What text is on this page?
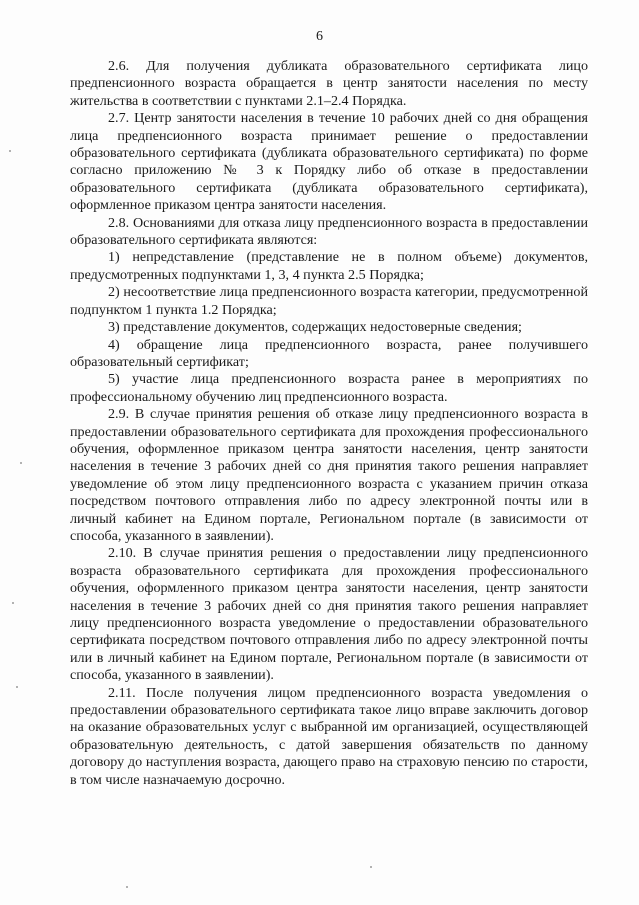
6

2.6. Для получения дубликата образовательного сертификата лицо предпенсионного возраста обращается в центр занятости населения по месту жительства в соответствии с пунктами 2.1–2.4 Порядка.

2.7. Центр занятости населения в течение 10 рабочих дней со дня обращения лица предпенсионного возраста принимает решение о предоставлении образовательного сертификата (дубликата образовательного сертификата) по форме согласно приложению № 3 к Порядку либо об отказе в предоставлении образовательного сертификата (дубликата образовательного сертификата), оформленное приказом центра занятости населения.

2.8. Основаниями для отказа лицу предпенсионного возраста в предоставлении образовательного сертификата являются:

1) непредставление (представление не в полном объеме) документов, предусмотренных подпунктами 1, 3, 4 пункта 2.5 Порядка;

2) несоответствие лица предпенсионного возраста категории, предусмотренной подпунктом 1 пункта 1.2 Порядка;

3) представление документов, содержащих недостоверные сведения;

4) обращение лица предпенсионного возраста, ранее получившего образовательный сертификат;

5) участие лица предпенсионного возраста ранее в мероприятиях по профессиональному обучению лиц предпенсионного возраста.

2.9. В случае принятия решения об отказе лицу предпенсионного возраста в предоставлении образовательного сертификата для прохождения профессионального обучения, оформленное приказом центра занятости населения, центр занятости населения в течение 3 рабочих дней со дня принятия такого решения направляет уведомление об этом лицу предпенсионного возраста с указанием причин отказа посредством почтового отправления либо по адресу электронной почты или в личный кабинет на Едином портале, Региональном портале (в зависимости от способа, указанного в заявлении).

2.10. В случае принятия решения о предоставлении лицу предпенсионного возраста образовательного сертификата для прохождения профессионального обучения, оформленного приказом центра занятости населения, центр занятости населения в течение 3 рабочих дней со дня принятия такого решения направляет лицу предпенсионного возраста уведомление о предоставлении образовательного сертификата посредством почтового отправления либо по адресу электронной почты или в личный кабинет на Едином портале, Региональном портале (в зависимости от способа, указанного в заявлении).

2.11. После получения лицом предпенсионного возраста уведомления о предоставлении образовательного сертификата такое лицо вправе заключить договор на оказание образовательных услуг с выбранной им организацией, осуществляющей образовательную деятельность, с датой завершения обязательств по данному договору до наступления возраста, дающего право на страховую пенсию по старости, в том числе назначаемую досрочно.
